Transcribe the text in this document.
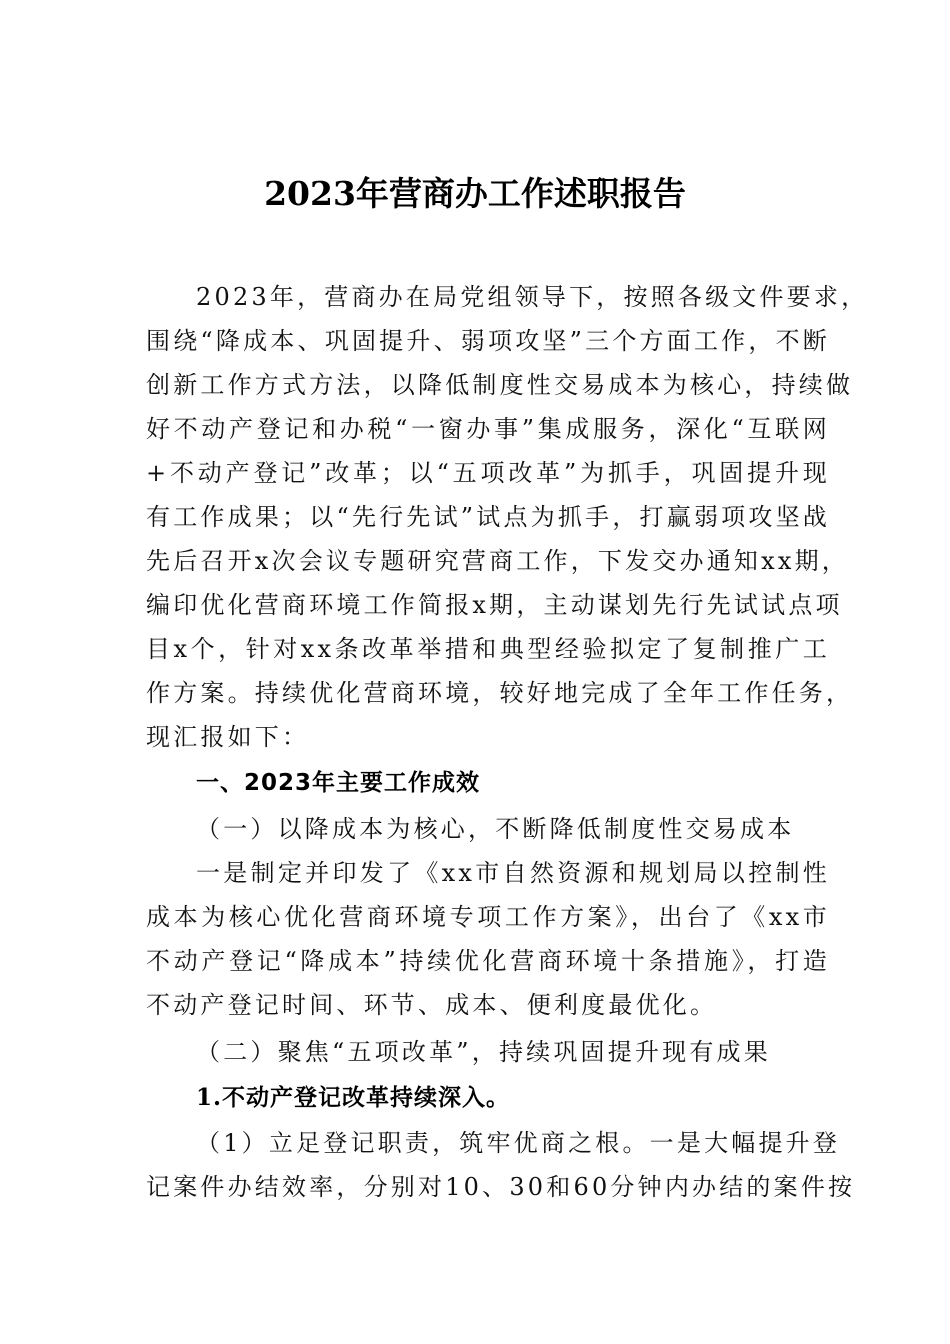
2023年营商办工作述职报告
2023年，营商办在局党组领导下，按照各级文件要求，
围绕“降成本、巩固提升、弱项攻坚”三个方面工作，不断
创新工作方式方法，以降低制度性交易成本为核心，持续做
好不动产登记和办税“一窗办事”集成服务，深化“互联网
+不动产登记”改革；以“五项改革”为抓手，巩固提升现
有工作成果；以“先行先试”试点为抓手，打赢弱项攻坚战
先后召开x次会议专题研究营商工作，下发交办通知xx期，
编印优化营商环境工作简报x期，主动谋划先行先试试点项
目x个，针对xx条改革举措和典型经验拟定了复制推广工
作方案。持续优化营商环境，较好地完成了全年工作任务，
现汇报如下：
一、2023年主要工作成效
（一）以降成本为核心，不断降低制度性交易成本
一是制定并印发了《xx市自然资源和规划局以控制性
成本为核心优化营商环境专项工作方案》，出台了《xx市
不动产登记“降成本”持续优化营商环境十条措施》，打造
不动产登记时间、环节、成本、便利度最优化。
（二）聚焦“五项改革”，持续巩固提升现有成果
1.不动产登记改革持续深入。
（1）立足登记职责，筑牢优商之根。一是大幅提升登
记案件办结效率，分别对10、30和60分钟内办结的案件按
